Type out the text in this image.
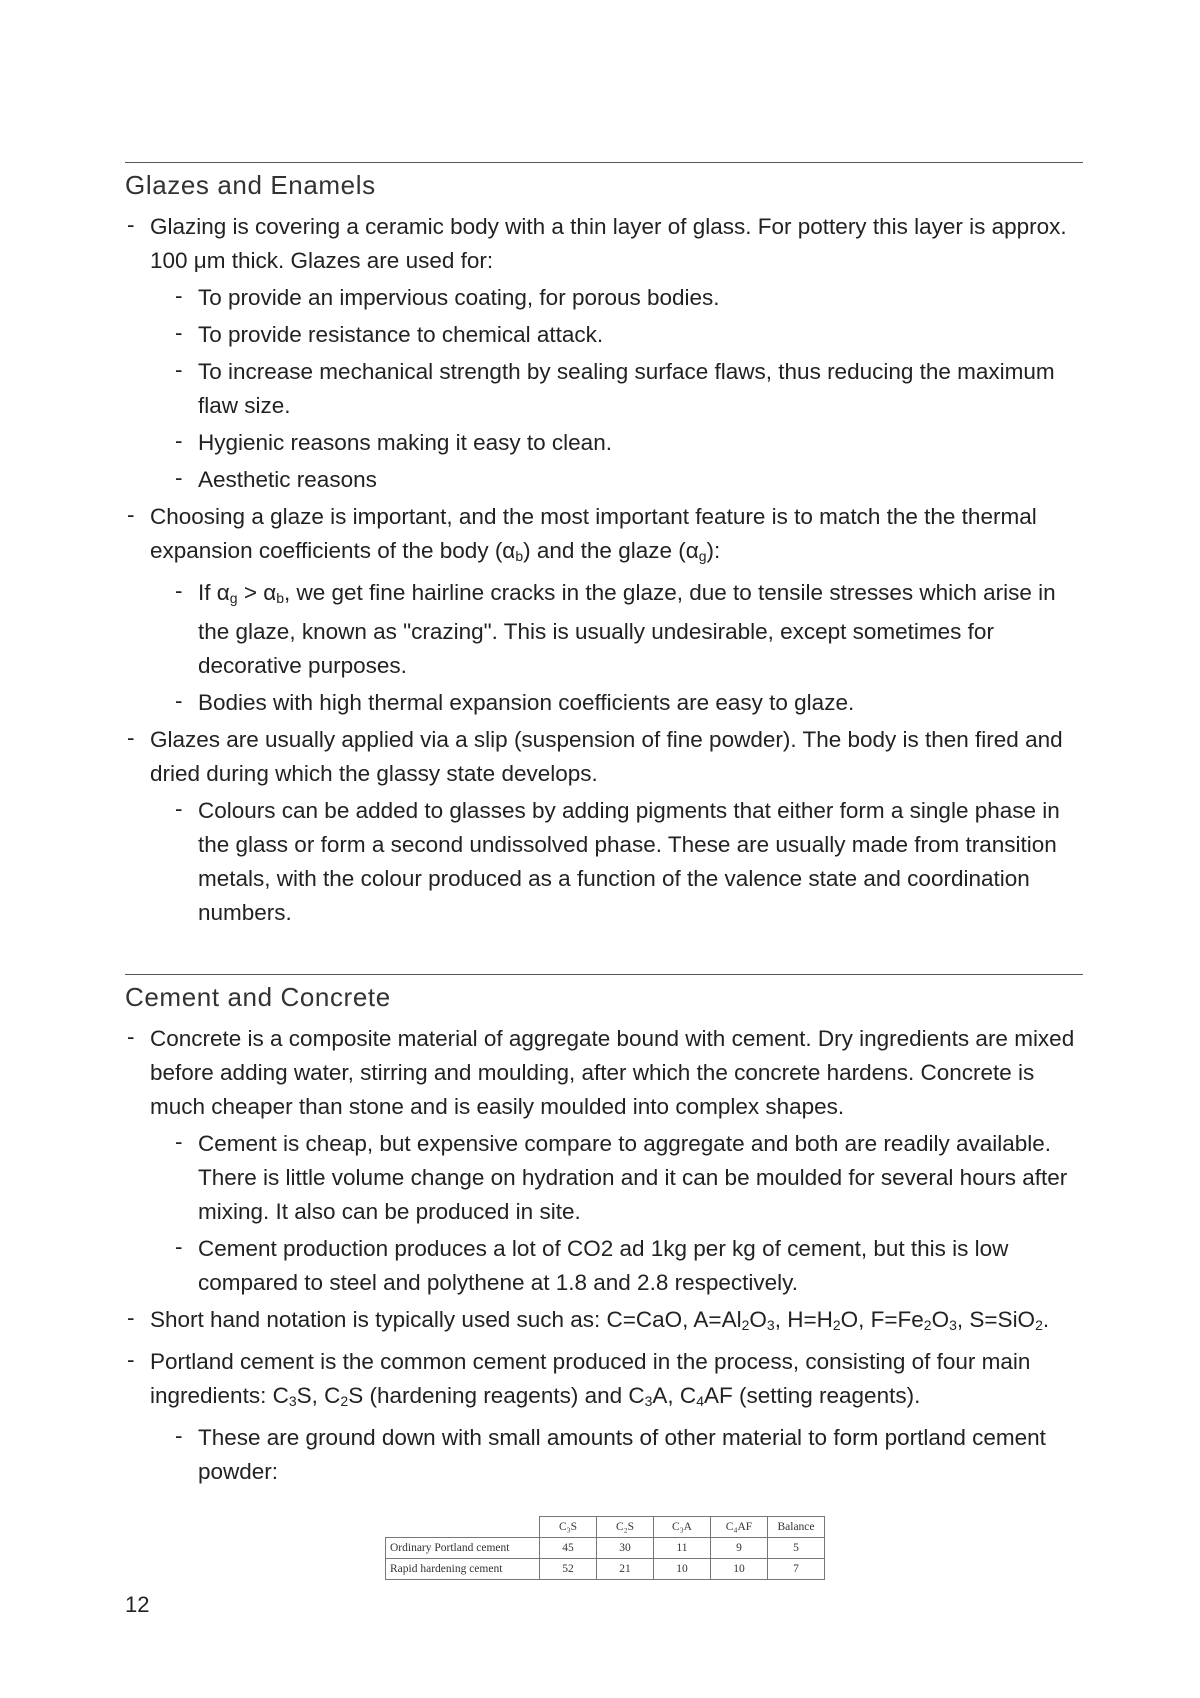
Glazes and Enamels
- Glazing is covering a ceramic body with a thin layer of glass. For pottery this layer is approx. 100 μm thick. Glazes are used for:
- To provide an impervious coating, for porous bodies.
- To provide resistance to chemical attack.
- To increase mechanical strength by sealing surface flaws, thus reducing the maximum flaw size.
- Hygienic reasons making it easy to clean.
- Aesthetic reasons
- Choosing a glaze is important, and the most important feature is to match the the thermal expansion coefficients of the body $(\alpha_b)$ and the glaze $(\alpha_g)$:
- If $\alpha_g > \alpha_b$, we get fine hairline cracks in the glaze, due to tensile stresses which arise in the glaze, known as "crazing". This is usually undesirable, except sometimes for decorative purposes.
- Bodies with high thermal expansion coefficients are easy to glaze.
- Glazes are usually applied via a slip (suspension of fine powder). The body is then fired and dried during which the glassy state develops.
- Colours can be added to glasses by adding pigments that either form a single phase in the glass or form a second undissolved phase. These are usually made from transition metals, with the colour produced as a function of the valence state and coordination numbers.
Cement and Concrete
- Concrete is a composite material of aggregate bound with cement. Dry ingredients are mixed before adding water, stirring and moulding, after which the concrete hardens. Concrete is much cheaper than stone and is easily moulded into complex shapes.
- Cement is cheap, but expensive compare to aggregate and both are readily available. There is little volume change on hydration and it can be moulded for several hours after mixing. It also can be produced in site.
- Cement production produces a lot of CO2 ad 1kg per kg of cement, but this is low compared to steel and polythene at 1.8 and 2.8 respectively.
- Short hand notation is typically used such as: C=CaO, $A=Al_2O_3$, $H=H_2O$, $F=Fe_2O_3$, S=SiO$_2$.
- Portland cement is the common cement produced in the process, consisting of four main ingredients: $C_3S$, $C_2S$ (hardening reagents) and $C_3A$, $C_4AF$ (setting reagents).
- These are ground down with small amounts of other material to form portland cement powder:
	C₃S	C₂S	C₃A	C₄AF	Balance
Ordinary Portland cement	45	30	11	9	5
Rapid hardening cement	52	21	10	10	7

12
